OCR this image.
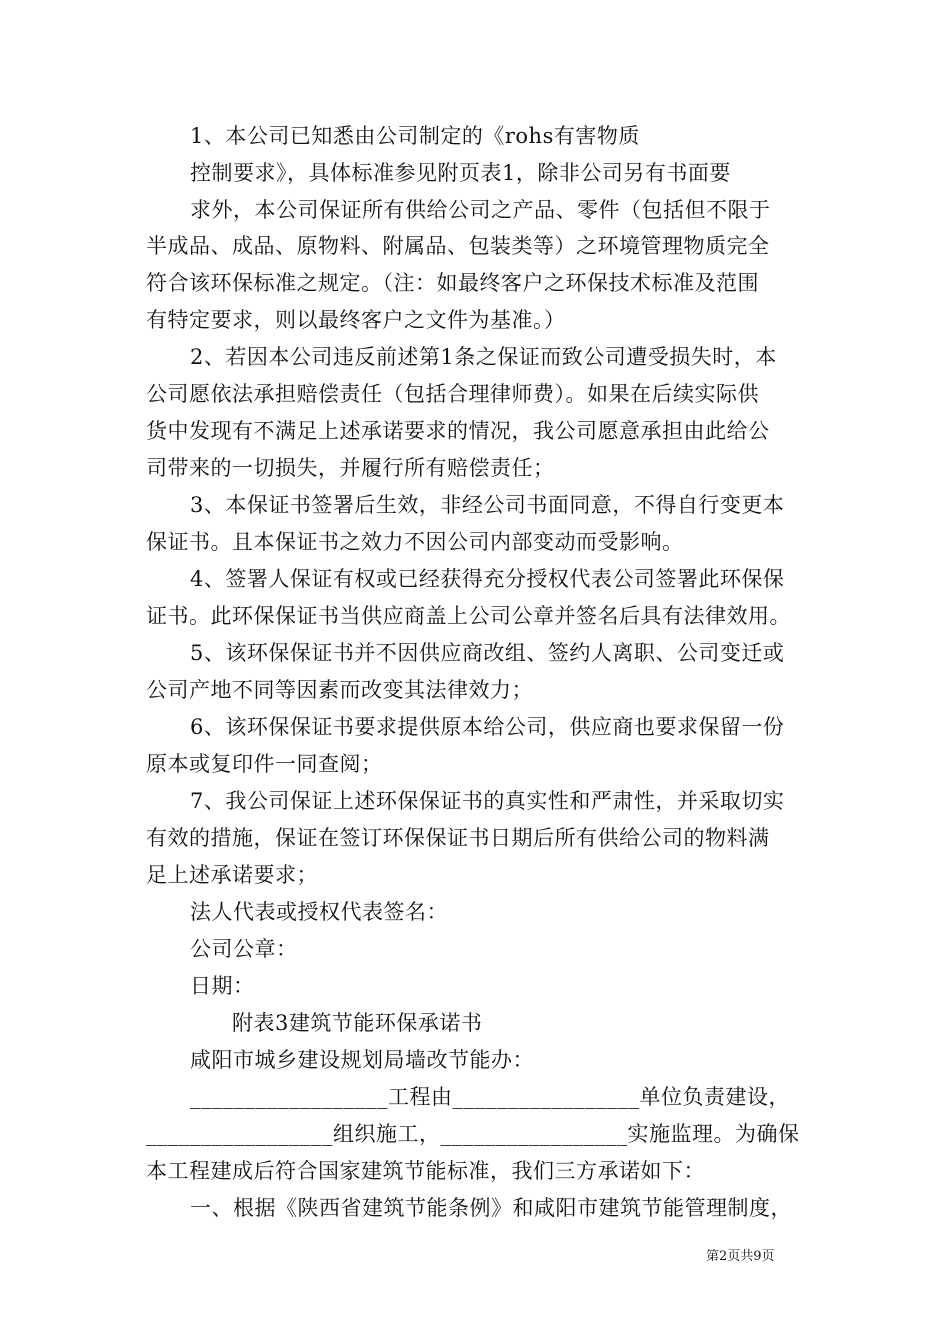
1、本公司已知悉由公司制定的《rohs有害物质
控制要求》，具体标准参见附页表1，除非公司另有书面要
求外，本公司保证所有供给公司之产品、零件（包括但不限于
半成品、成品、原物料、附属品、包装类等）之环境管理物质完全
符合该环保标准之规定。（注：如最终客户之环保技术标准及范围
有特定要求，则以最终客户之文件为基准。）
2、若因本公司违反前述第1条之保证而致公司遭受损失时，本
公司愿依法承担赔偿责任（包括合理律师费）。如果在后续实际供
货中发现有不满足上述承诺要求的情况，我公司愿意承担由此给公
司带来的一切损失，并履行所有赔偿责任；
3、本保证书签署后生效，非经公司书面同意，不得自行变更本
保证书。且本保证书之效力不因公司内部变动而受影响。
4、签署人保证有权或已经获得充分授权代表公司签署此环保保
证书。此环保保证书当供应商盖上公司公章并签名后具有法律效用。
5、该环保保证书并不因供应商改组、签约人离职、公司变迁或
公司产地不同等因素而改变其法律效力；
6、该环保保证书要求提供原本给公司，供应商也要求保留一份
原本或复印件一同查阅；
7、我公司保证上述环保保证书的真实性和严肃性，并采取切实
有效的措施，保证在签订环保保证书日期后所有供给公司的物料满
足上述承诺要求；
法人代表或授权代表签名：
公司公章：
日期：
附表3建筑节能环保承诺书
咸阳市城乡建设规划局墙改节能办：
__________________工程由_________________单位负责建设，
_________________组织施工，_________________实施监理。为确保
本工程建成后符合国家建筑节能标准，我们三方承诺如下：
一、根据《陕西省建筑节能条例》和咸阳市建筑节能管理制度，
第2页共9页
